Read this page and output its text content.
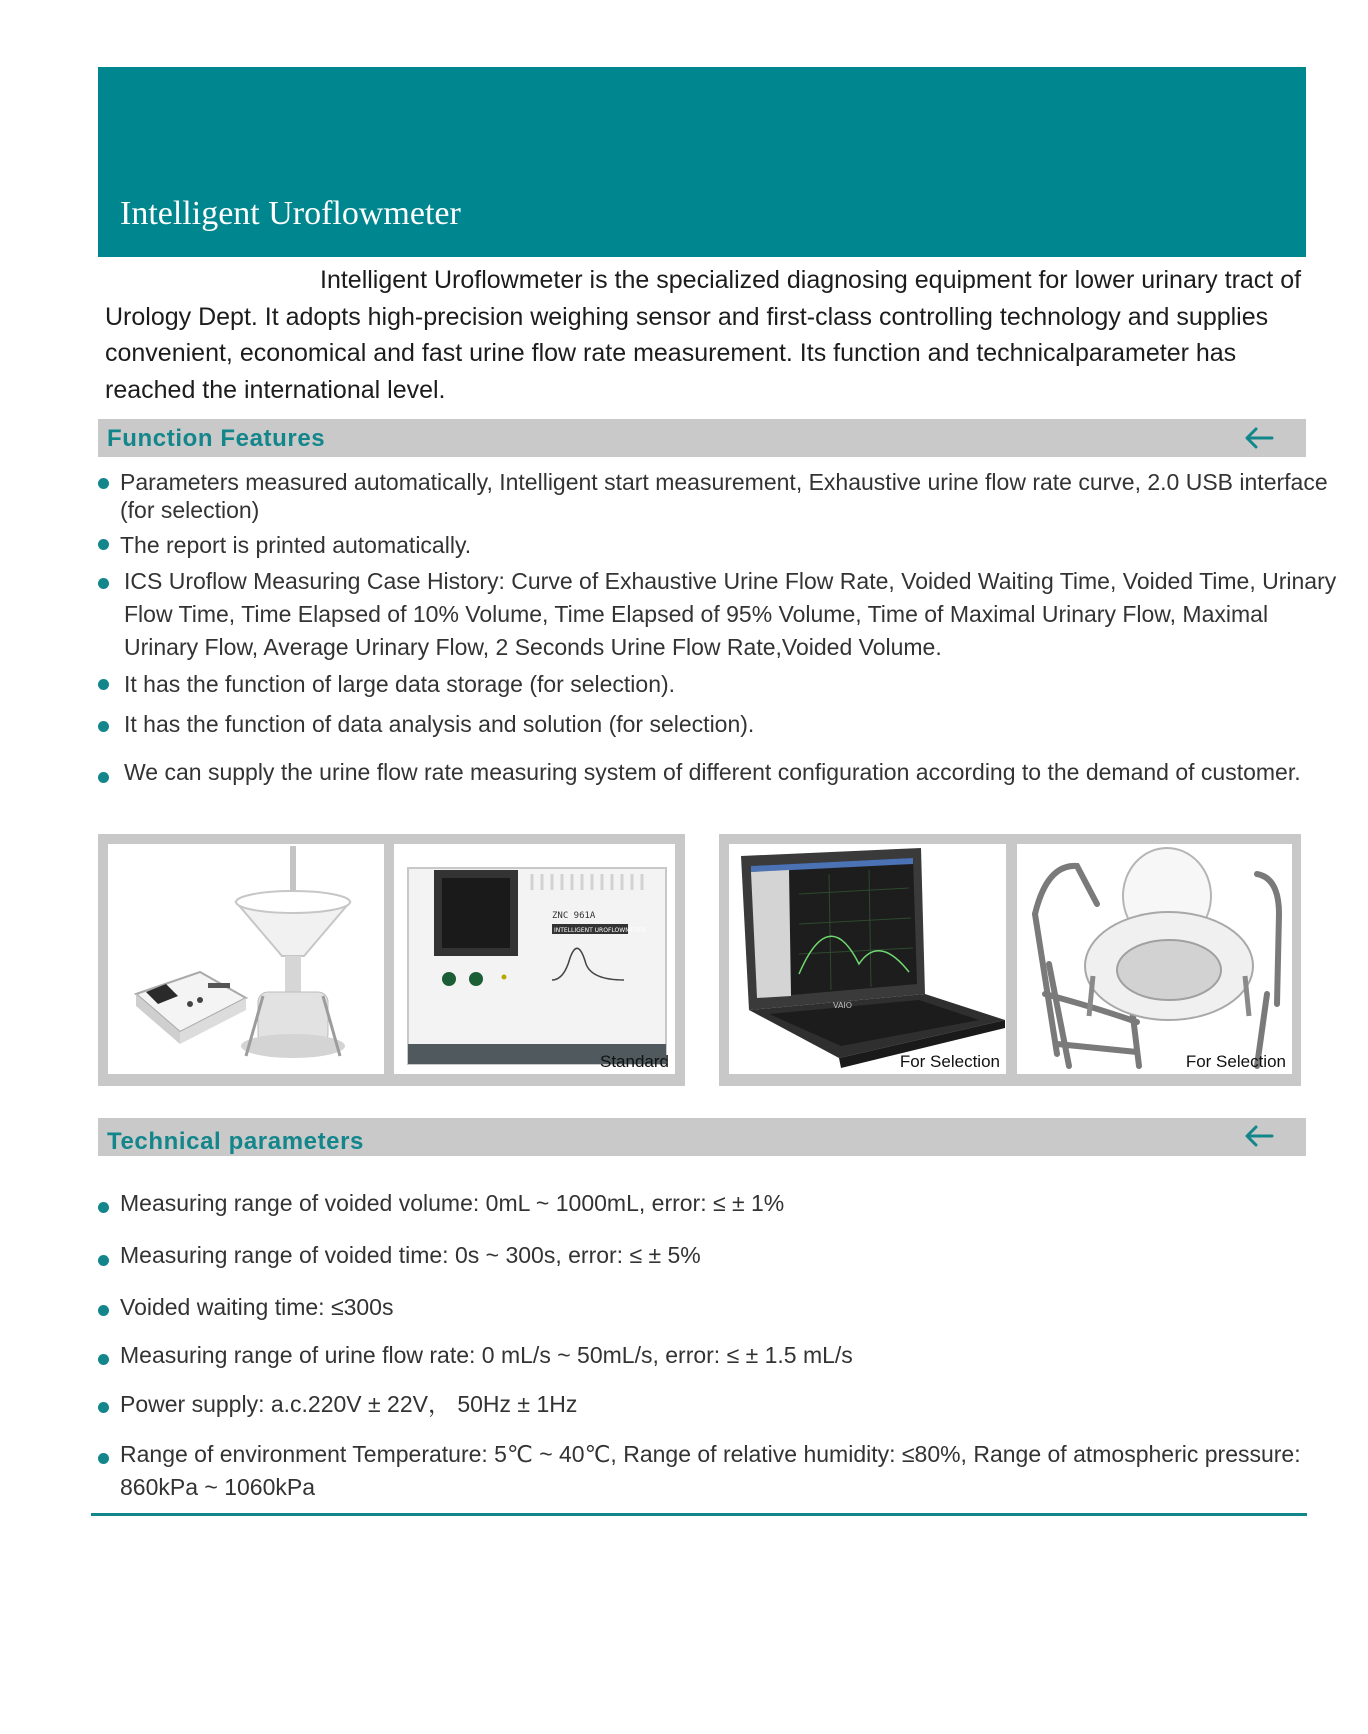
Intelligent Uroflowmeter

Intelligent Uroflowmeter is the specialized diagnosing equipment for lower urinary tract of Urology Dept. It adopts high-precision weighing sensor and first-class controlling technology and supplies convenient, economical and fast urine flow rate measurement. Its function and technicalparameter has reached the international level.

Function Features
Parameters measured automatically, Intelligent start measurement, Exhaustive urine flow rate curve, 2.0 USB interface (for selection)
The report is printed automatically.
ICS Uroflow Measuring Case History: Curve of Exhaustive Urine Flow Rate, Voided Waiting Time, Voided Time, Urinary Flow Time, Time Elapsed of 10% Volume, Time Elapsed of 95% Volume, Time of Maximal Urinary Flow, Maximal Urinary Flow, Average Urinary Flow, 2 Seconds Urine Flow Rate,Voided Volume.
It has the function of large data storage (for selection).
It has the function of data analysis and solution (for selection).
We can supply the urine flow rate measuring system of different configuration according to the demand of customer.
ZNC 961A
INTELLIGENT UROFLOWMETER
Standard
VAIO
For Selection	For Selection
Technical parameters
Measuring range of voided volume: 0mL ~ 1000mL, error: ≤ ± 1%
Measuring range of voided time: 0s ~ 300s, error: ≤ ± 5%
Voided waiting time: ≤300s
Measuring range of urine flow rate: 0 mL/s ~ 50mL/s, error: ≤ ± 1.5 mL/s
Power supply: a.c.220V ± 22V， 50Hz ± 1Hz
Range of environment Temperature: 5℃ ~ 40℃, Range of relative humidity: ≤80%, Range of atmospheric pressure: 860kPa ~ 1060kPa
